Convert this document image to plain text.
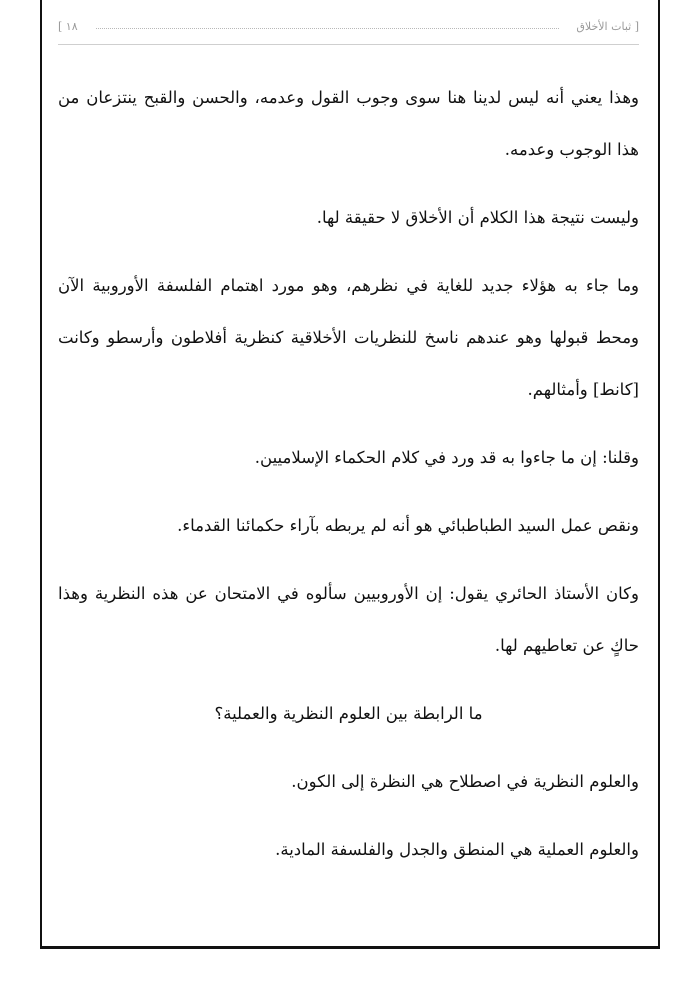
[ ثبات الأخلاق
١٨ ]

وهذا يعني أنه ليس لدينا هنا سوى وجوب القول وعدمه، والحسن والقبح ينتزعان من هذا الوجوب وعدمه.

وليست نتيجة هذا الكلام أن الأخلاق لا حقيقة لها.

وما جاء به هؤلاء جديد للغاية في نظرهم، وهو مورد اهتمام الفلسفة الأوروبية الآن ومحط قبولها وهو عندهم ناسخ للنظريات الأخلاقية كنظرية أفلاطون وأرسطو وكانت [كانط] وأمثالهم.

وقلنا: إن ما جاءوا به قد ورد في كلام الحكماء الإسلاميين.

ونقص عمل السيد الطباطبائي هو أنه لم يربطه بآراء حكمائنا القدماء.

وكان الأستاذ الحائري يقول: إن الأوروبيين سألوه في الامتحان عن هذه النظرية وهذا حاكٍ عن تعاطيهم لها.

ما الرابطة بين العلوم النظرية والعملية؟

والعلوم النظرية في اصطلاح هي النظرة إلى الكون.

والعلوم العملية هي المنطق والجدل والفلسفة المادية.
